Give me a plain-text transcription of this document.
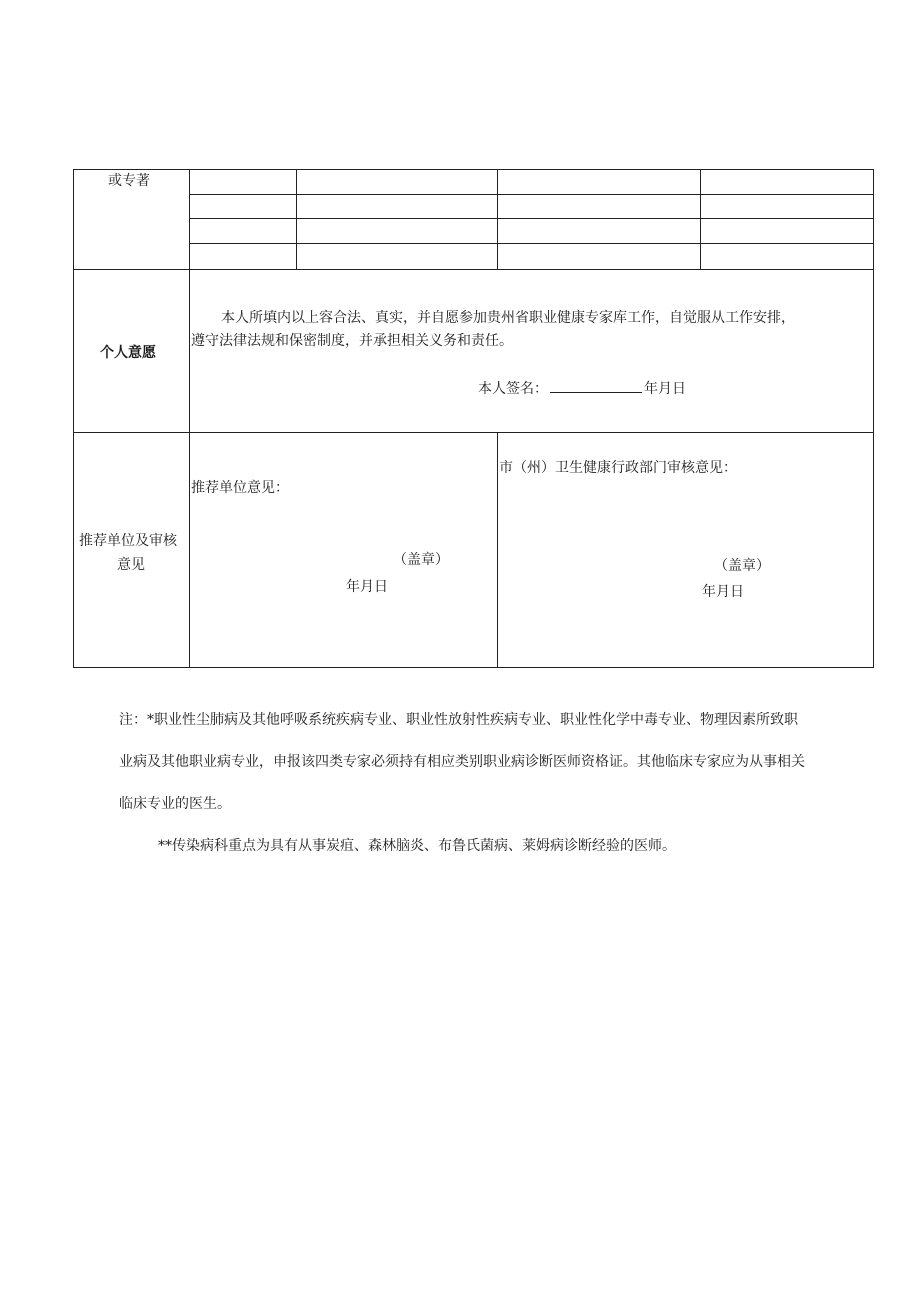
或专著
个人意愿
本人所填内以上容合法、真实，并自愿参加贵州省职业健康专家库工作，自觉服从工作安排，
遵守法律法规和保密制度，并承担相关义务和责任。
本人签名：	年月日
推荐单位及审核
意见
推荐单位意见：
（盖章）
年月日
市（州）卫生健康行政部门审核意见：
（盖章）
年月日
注：*职业性尘肺病及其他呼吸系统疾病专业、职业性放射性疾病专业、职业性化学中毒专业、物理因素所致职
业病及其他职业病专业，申报该四类专家必须持有相应类别职业病诊断医师资格证。其他临床专家应为从事相关
临床专业的医生。
**传染病科重点为具有从事炭疽、森林脑炎、布鲁氏菌病、莱姆病诊断经验的医师。
